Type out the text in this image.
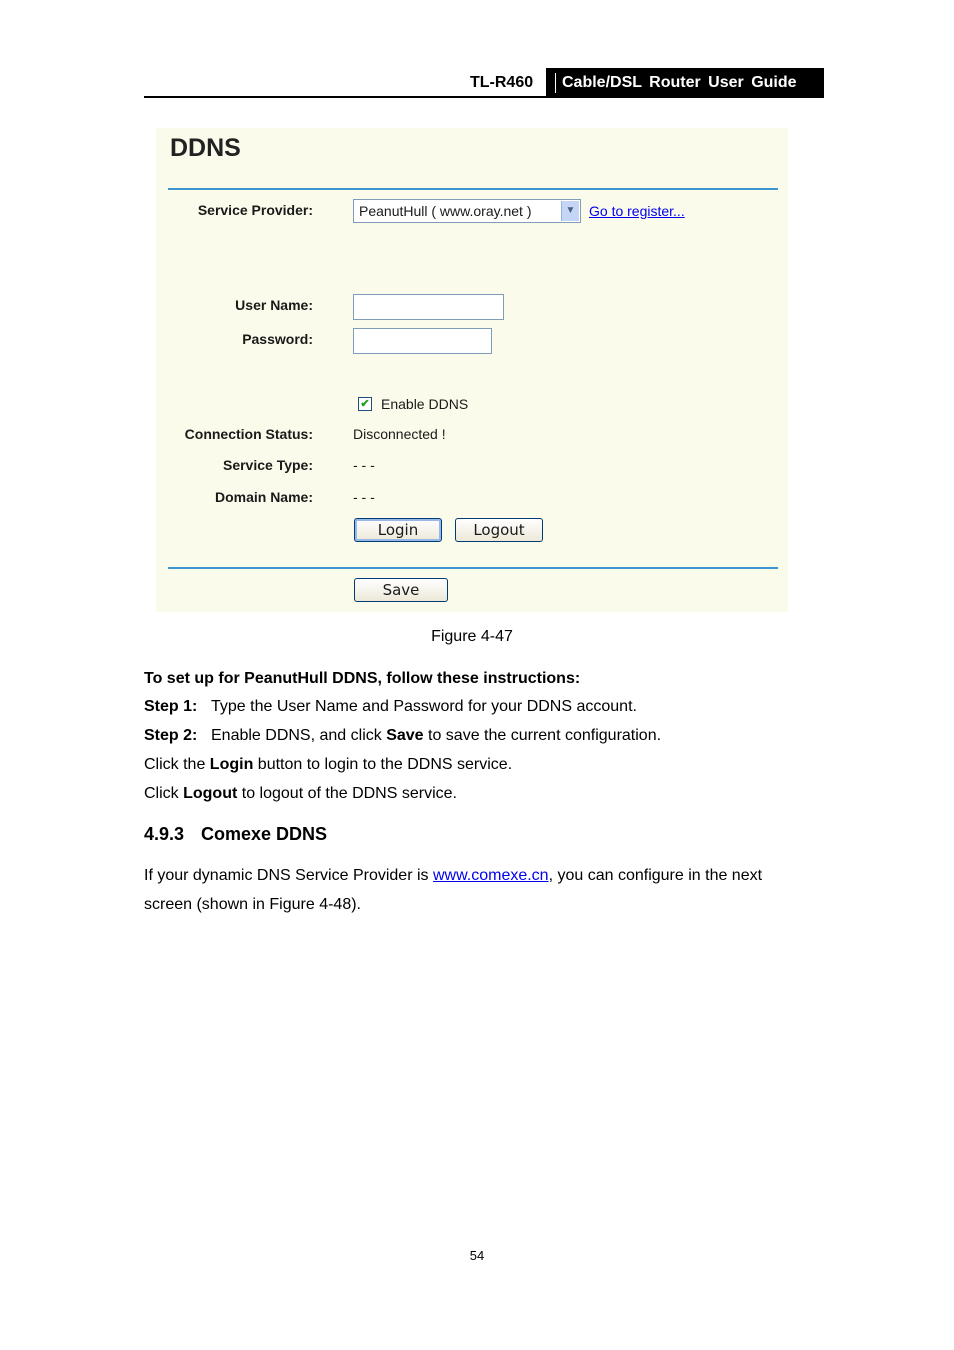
TL-R460 Cable/DSL Router User Guide
DDNS
Service Provider:	PeanutHull ( www.oray.net )	▼ Go to register...
User Name:
Password:
✔ Enable DDNS
Connection Status:	Disconnected !
Service Type:	- - -
Domain Name:	- - -
Login	Logout
Save
Figure 4-47
To set up for PeanutHull DDNS, follow these instructions:
Step 1: Type the User Name and Password for your DDNS account.
Step 2: Enable DDNS, and click Save to save the current configuration.
Click the Login button to login to the DDNS service.
Click Logout to logout of the DDNS service.
4.9.3 Comexe DDNS
If your dynamic DNS Service Provider is www.comexe.cn, you can configure in the next
screen (shown in Figure 4-48).
54
